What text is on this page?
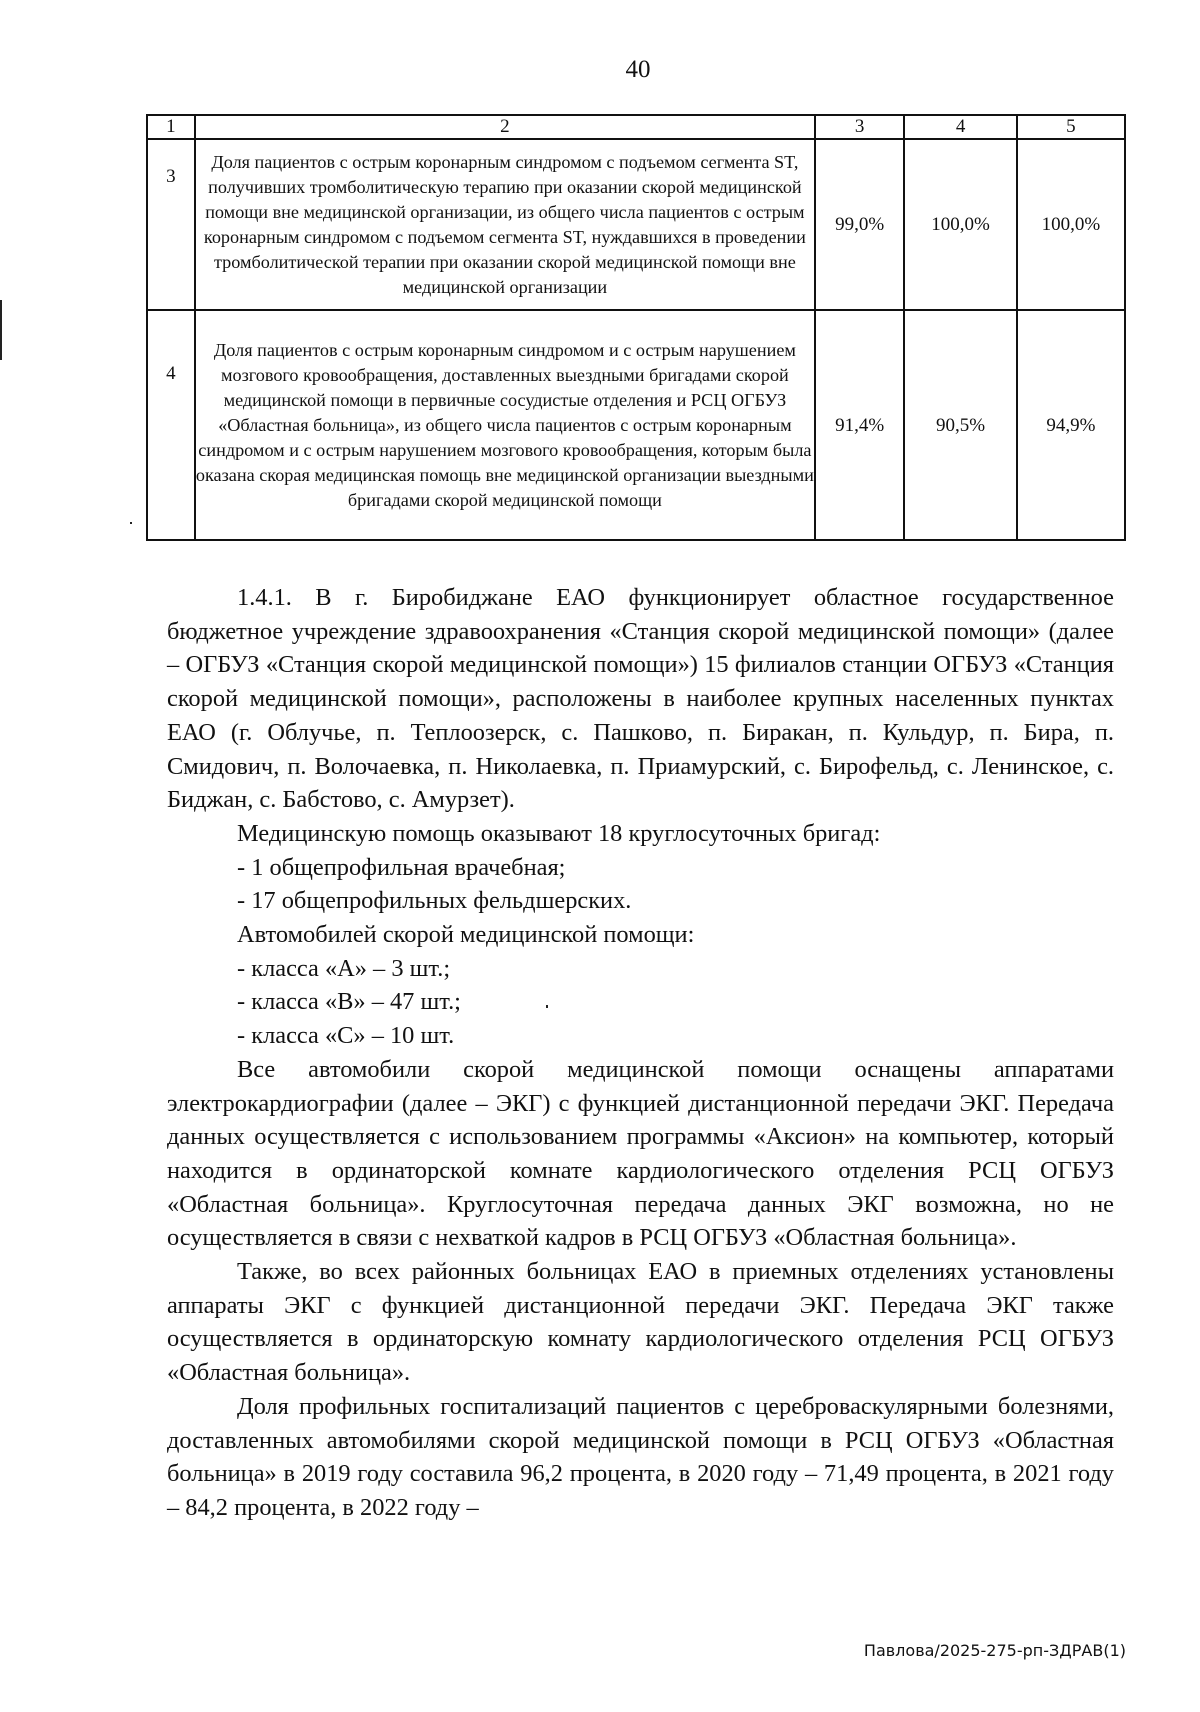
40
1	2	3	4	5
3	Доля пациентов с острым коронарным синдромом с подъемом сегмента ST, получивших тромболитическую терапию при оказании скорой медицинской помощи вне медицинской организации, из общего числа пациентов с острым коронарным синдромом с подъемом сегмента ST, нуждавшихся в проведении тромболитической терапии при оказании скорой медицинской помощи вне медицинской организации	99,0%	100,0%	100,0%
4	Доля пациентов с острым коронарным синдромом и с острым нарушением мозгового кровообращения, доставленных выездными бригадами скорой медицинской помощи в первичные сосудистые отделения и РСЦ ОГБУЗ «Областная больница», из общего числа пациентов с острым коронарным синдромом и с острым нарушением мозгового кровообращения, которым была оказана скорая медицинская помощь вне медицинской организации выездными бригадами скорой медицинской помощи	91,4%	90,5%	94,9%

1.4.1. В г. Биробиджане ЕАО функционирует областное государственное бюджетное учреждение здравоохранения «Станция скорой медицинской помощи» (далее – ОГБУЗ «Станция скорой медицинской помощи») 15 филиалов станции ОГБУЗ «Станция скорой медицинской помощи», расположены в наиболее крупных населенных пунктах ЕАО (г. Облучье, п. Теплоозерск, с. Пашково, п. Биракан, п. Кульдур, п. Бира, п. Смидович, п. Волочаевка, п. Николаевка, п. Приамурский, с. Бирофельд, с. Ленинское, с. Биджан, с. Бабстово, с. Амурзет).

Медицинскую помощь оказывают 18 круглосуточных бригад:

- 1 общепрофильная врачебная;

- 17 общепрофильных фельдшерских.

Автомобилей скорой медицинской помощи:

- класса «А» – 3 шт.;

- класса «В» – 47 шт.;

- класса «С» – 10 шт.

Все автомобили скорой медицинской помощи оснащены аппаратами электрокардиографии (далее – ЭКГ) с функцией дистанционной передачи ЭКГ. Передача данных осуществляется с использованием программы «Аксион» на компьютер, который находится в ординаторской комнате кардиологического отделения РСЦ ОГБУЗ «Областная больница». Круглосуточная передача данных ЭКГ возможна, но не осуществляется в связи с нехваткой кадров в РСЦ ОГБУЗ «Областная больница».

Также, во всех районных больницах ЕАО в приемных отделениях установлены аппараты ЭКГ с функцией дистанционной передачи ЭКГ. Передача ЭКГ также осуществляется в ординаторскую комнату кардиологического отделения РСЦ ОГБУЗ «Областная больница».

Доля профильных госпитализаций пациентов с цереброваскулярными болезнями, доставленных автомобилями скорой медицинской помощи в РСЦ ОГБУЗ «Областная больница» в 2019 году составила 96,2 процента, в 2020 году – 71,49 процента, в 2021 году – 84,2 процента, в 2022 году –

Павлова/2025-275-рп-ЗДРАВ(1)
